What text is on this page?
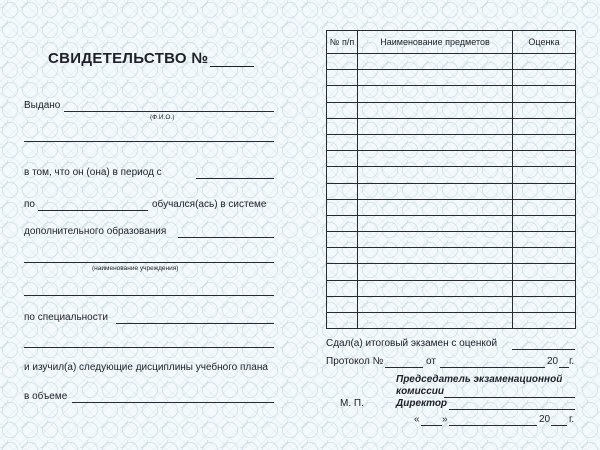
СВИДЕТЕЛЬСТВО №
Выдано
(Ф.И.О.)
в том, что он (она) в период с
по	обучался(ась) в системе
дополнительного образования
(наименование учреждения)
по специальности
и изучил(а) следующие дисциплины учебного плана
в объеме
№ п/п	Наименование предметов	Оценка

Сдал(а) итоговый экзамен с оценкой
Протокол №	от	20 г.
Председатель экзаменационной
комиссии
М. П.	Директор
« »	20 г.
